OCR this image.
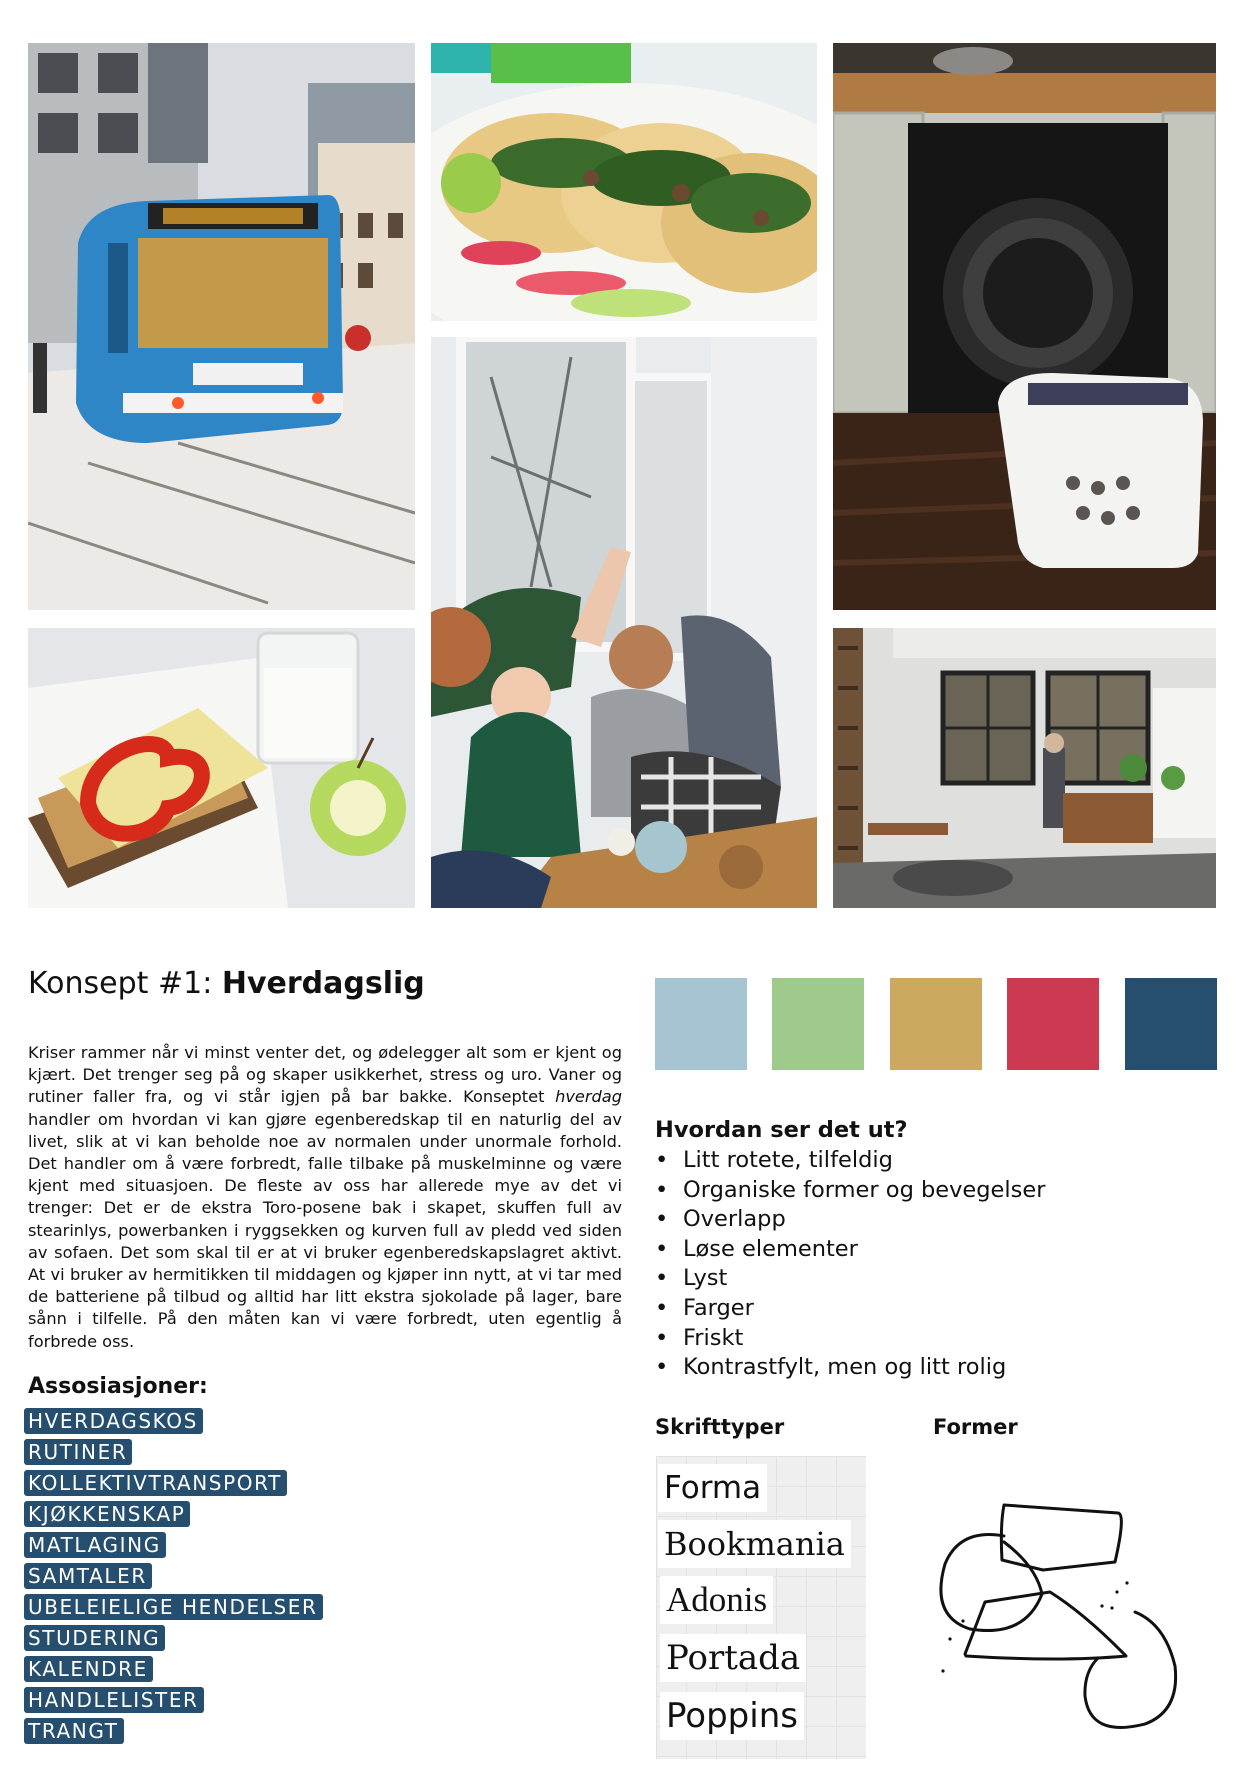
Konsept #1: Hverdagslig

Kriser rammer når vi minst venter det, og ødelegger alt som er kjent og kjært. Det trenger seg på og skaper usikkerhet, stress og uro. Vaner og rutiner faller fra, og vi står igjen på bar bakke. Konseptet hverdag handler om hvordan vi kan gjøre egenberedskap til en naturlig del av livet, slik at vi kan beholde noe av normalen under unormale forhold. Det handler om å være forbredt, falle tilbake på muskelminne og være kjent med situasjoen. De fleste av oss har allerede mye av det vi trenger: Det er de ekstra Toro-posene bak i skapet, skuffen full av stearinlys, powerbanken i ryggsekken og kurven full av pledd ved siden av sofaen. Det som skal til er at vi bruker egenberedskapslagret aktivt. At vi bruker av hermitikken til middagen og kjøper inn nytt, at vi tar med de batteriene på tilbud og alltid har litt ekstra sjokolade på lager, bare sånn i tilfelle. På den måten kan vi være forbredt, uten egentlig å forbrede oss.

Assosiasjoner:
HVERDAGSKOS
RUTINER
KOLLEKTIVTRANSPORT
KJØKKENSKAP
MATLAGING
SAMTALER
UBELEIELIGE HENDELSER
STUDERING
KALENDRE
HANDLELISTER
TRANGT
Hvordan ser det ut?
• Litt rotete, tilfeldig
• Organiske former og bevegelser
• Overlapp
• Løse elementer
• Lyst
• Farger
• Friskt
• Kontrastfylt, men og litt rolig
Skrifttyper	Former
Forma
Bookmania
Adonis
Portada
Poppins
